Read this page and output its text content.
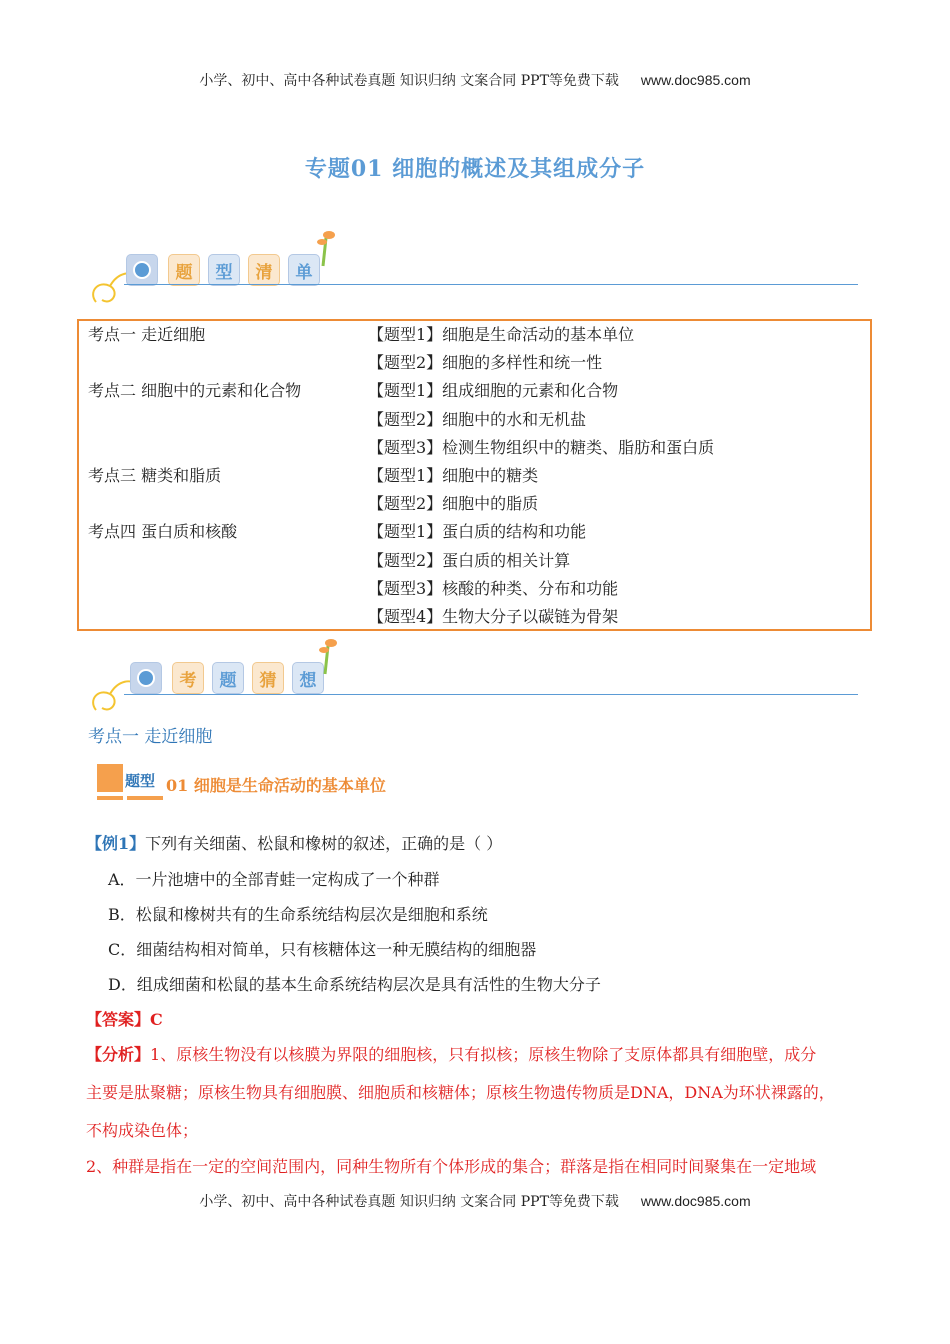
小学、初中、高中各种试卷真题 知识归纳 文案合同 PPT等免费下载 www.doc985.com
专题01 细胞的概述及其组成分子
题	型	清	单
考点一 走近细胞	【题型1】细胞是生命活动的基本单位
【题型2】细胞的多样性和统一性
考点二 细胞中的元素和化合物	【题型1】组成细胞的元素和化合物
【题型2】细胞中的水和无机盐
【题型3】检测生物组织中的糖类、脂肪和蛋白质
考点三 糖类和脂质	【题型1】细胞中的糖类
【题型2】细胞中的脂质
考点四 蛋白质和核酸	【题型1】蛋白质的结构和功能
【题型2】蛋白质的相关计算
【题型3】核酸的种类、分布和功能
【题型4】生物大分子以碳链为骨架
考	题	猜	想
考点一 走近细胞
题型 01 细胞是生命活动的基本单位
【例1】下列有关细菌、松鼠和橡树的叙述，正确的是（ ）
A．一片池塘中的全部青蛙一定构成了一个种群
B．松鼠和橡树共有的生命系统结构层次是细胞和系统
C．细菌结构相对简单，只有核糖体这一种无膜结构的细胞器
D．组成细菌和松鼠的基本生命系统结构层次是具有活性的生物大分子
【答案】C
【分析】1、原核生物没有以核膜为界限的细胞核，只有拟核；原核生物除了支原体都具有细胞壁，成分
主要是肽聚糖；原核生物具有细胞膜、细胞质和核糖体；原核生物遗传物质是DNA，DNA为环状裸露的，
不构成染色体；
2、种群是指在一定的空间范围内，同种生物所有个体形成的集合；群落是指在相同时间聚集在一定地域
小学、初中、高中各种试卷真题 知识归纳 文案合同 PPT等免费下载 www.doc985.com
